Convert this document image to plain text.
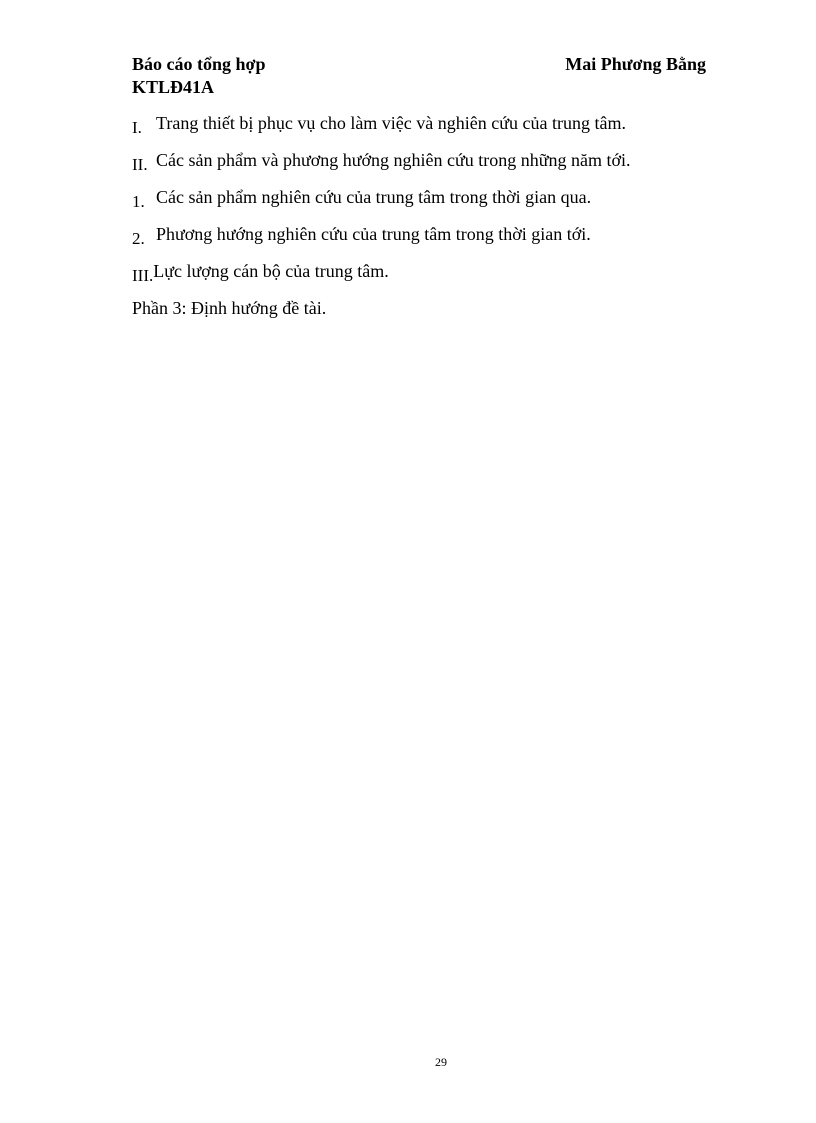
Báo cáo tổng hợp	Mai Phương Bằng
KTLĐ41A
I. Trang thiết bị phục vụ cho làm việc và nghiên cứu của trung tâm.
II. Các sản phẩm và phương hướng nghiên cứu trong những năm tới.
1. Các sản phẩm nghiên cứu của trung tâm trong thời gian qua.
2. Phương hướng nghiên cứu của trung tâm trong thời gian tới.
III. Lực lượng cán bộ của trung tâm.
Phần 3: Định hướng đề tài.
29
